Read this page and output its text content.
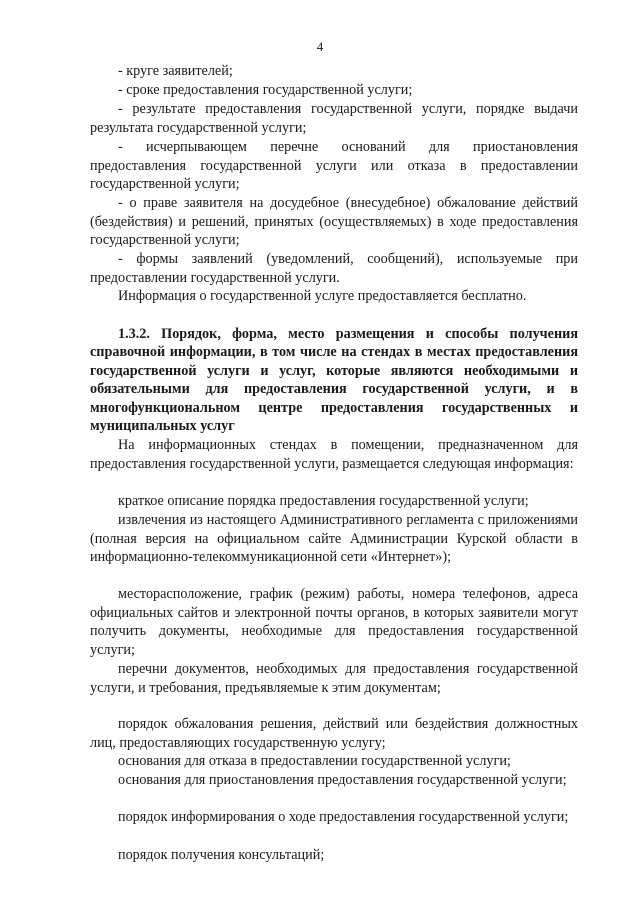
4

- круге заявителей;

- сроке предоставления государственной услуги;

- результате предоставления государственной услуги, порядке выдачи результата государственной услуги;

- исчерпывающем перечне оснований для приостановления предоставления государственной услуги или отказа в предоставлении государственной услуги;

- о праве заявителя на досудебное (внесудебное) обжалование действий (бездействия) и решений, принятых (осуществляемых) в ходе предоставления государственной услуги;

- формы заявлений (уведомлений, сообщений), используемые при предоставлении государственной услуги.

Информация о государственной услуге предоставляется бесплатно.

1.3.2. Порядок, форма, место размещения и способы получения справочной информации, в том числе на стендах в местах предоставления государственной услуги и услуг, которые являются необходимыми и обязательными для предоставления государственной услуги, и в многофункциональном центре предоставления государственных и муниципальных услуг

На информационных стендах в помещении, предназначенном для предоставления государственной услуги, размещается следующая информация:

краткое описание порядка предоставления государственной услуги;

извлечения из настоящего Административного регламента с приложениями (полная версия на официальном сайте Администрации Курской области в информационно-телекоммуникационной сети «Интернет»);

месторасположение, график (режим) работы, номера телефонов, адреса официальных сайтов и электронной почты органов, в которых заявители могут получить документы, необходимые для предоставления государственной услуги;

перечни документов, необходимых для предоставления государственной услуги, и требования, предъявляемые к этим документам;

порядок обжалования решения, действий или бездействия должностных лиц, предоставляющих государственную услугу;

основания для отказа в предоставлении государственной услуги;

основания для приостановления предоставления государственной услуги;

порядок информирования о ходе предоставления государственной услуги;

порядок получения консультаций;
